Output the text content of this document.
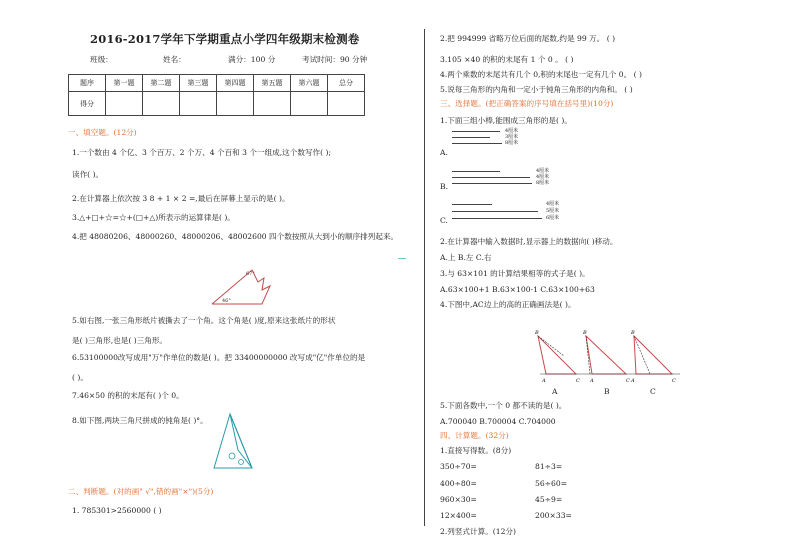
2016-2017学年下学期重点小学四年级期末检测卷
班级：	姓名：	满分：100 分	考试时间：90 分钟
题序	第一题	第二题	第三题	第四题	第五题	第六题	总分
得分							
一、填空题。(12分)
1.一个数由 4 个亿、3 个百万、2 个万、4 个百和 3 个一组成,这个数写作( );
读作( )。
2.在计算器上依次按 3 8 + 1 × 2 =,最后在屏幕上显示的是( )。
3.△+□+☆=☆+(□+△)所表示的运算律是( )。
4.把 48080206、48000260、48000206、48002600 四个数按照从大到小的顺序排列起来。
67°
46°
5.如右图,一张三角形纸片被撕去了一个角。这个角是( )度,原来这张纸片的形状
是( )三角形,也是( )三角形。
6.53100000改写成用"万"作单位的数是( )。把 33400000000 改写成"亿"作单位的是
( )。
7.46×50 的积的末尾有( )个 0。
8.如下图,两块三角尺拼成的钝角是( )°。
二、判断题。(对的画" √",错的画"×")(5分)
1. 785301>2560000 ( )
2.把 994999 省略万位后面的尾数,约是 99 万。 ( )
3.105 ×40 的积的末尾有 1 个 0 。 ( )
4.两个乘数的末尾共有几个 0,积的末尾也一定有几个 0。 ( )
5.说每三角形的内角和一定小于钝角三角形的内角和。 ( )
三、选择题。(把正确答案的序号填在括号里)(10分)
1.下面三组小棒,能围成三角形的是( )。
4厘米
3厘米
8厘米
A.
4厘米
4厘米
8厘米
B.
4厘米
5厘米
6厘米
C.
2.在计算器中输入数据时,显示器上的数据向( )移动。
A.上 B.左 C.右
3.与 63×101 的计算结果相等的式子是( )。
A.63×100+1 B.63×100-1 C.63×100+63
4.下图中,AC边上的高的正确画法是( )。
B
A	C
B
A	C
B
A	C
A	B	C
5.下面各数中,一个 0 都不读的是( )。
A.700040 B.700004 C.704000
四、计算题。(32分)
1.直接写得数。(8分)
350÷70=	81÷3=
400÷80=	56÷60=
960×30=	45÷9=
12×400=	200×33=
2.列竖式计算。(12分)
